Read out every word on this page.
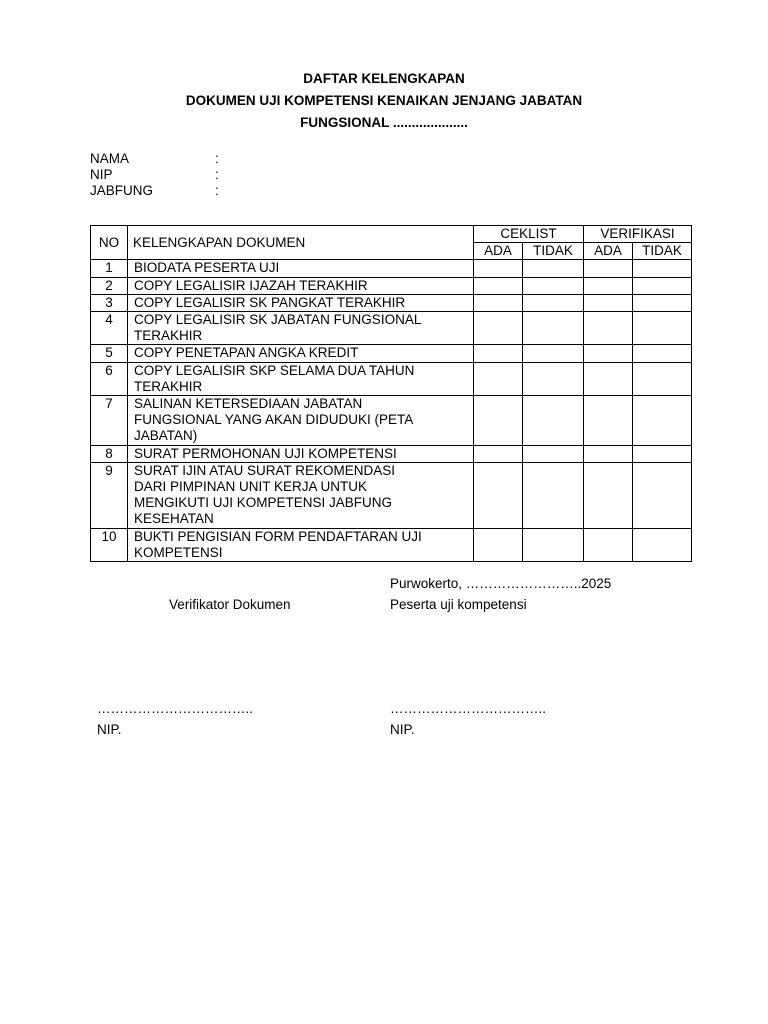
DAFTAR KELENGKAPAN
DOKUMEN UJI KOMPETENSI KENAIKAN JENJANG JABATAN
FUNGSIONAL ....................
NAMA	:
NIP	:
JABFUNG	:
NO	KELENGKAPAN DOKUMEN	CEKLIST		VERIFIKASI	
		ADA	TIDAK	ADA	TIDAK
1	BIODATA PESERTA UJI				

2	COPY LEGALISIR IJAZAH TERAKHIR				

3	COPY LEGALISIR SK PANGKAT TERAKHIR				

4	COPY LEGALISIR SK JABATAN FUNGSIONAL
TERAKHIR				

5	COPY PENETAPAN ANGKA KREDIT				

6	COPY LEGALISIR SKP SELAMA DUA TAHUN
TERAKHIR				

7	SALINAN KETERSEDIAAN JABATAN
FUNGSIONAL YANG AKAN DIDUDUKI (PETA
JABATAN)				

8	SURAT PERMOHONAN UJI KOMPETENSI				

9	SURAT IJIN ATAU SURAT REKOMENDASI
DARI PIMPINAN UNIT KERJA UNTUK
MENGIKUTI UJI KOMPETENSI JABFUNG
KESEHATAN				

10	BUKTI PENGISIAN FORM PENDAFTARAN UJI
KOMPETENSI				

Purwokerto, ……………………..2025
Verifikator Dokumen	Peserta uji kompetensi
……………………………..	……………………………..
NIP.	NIP.
